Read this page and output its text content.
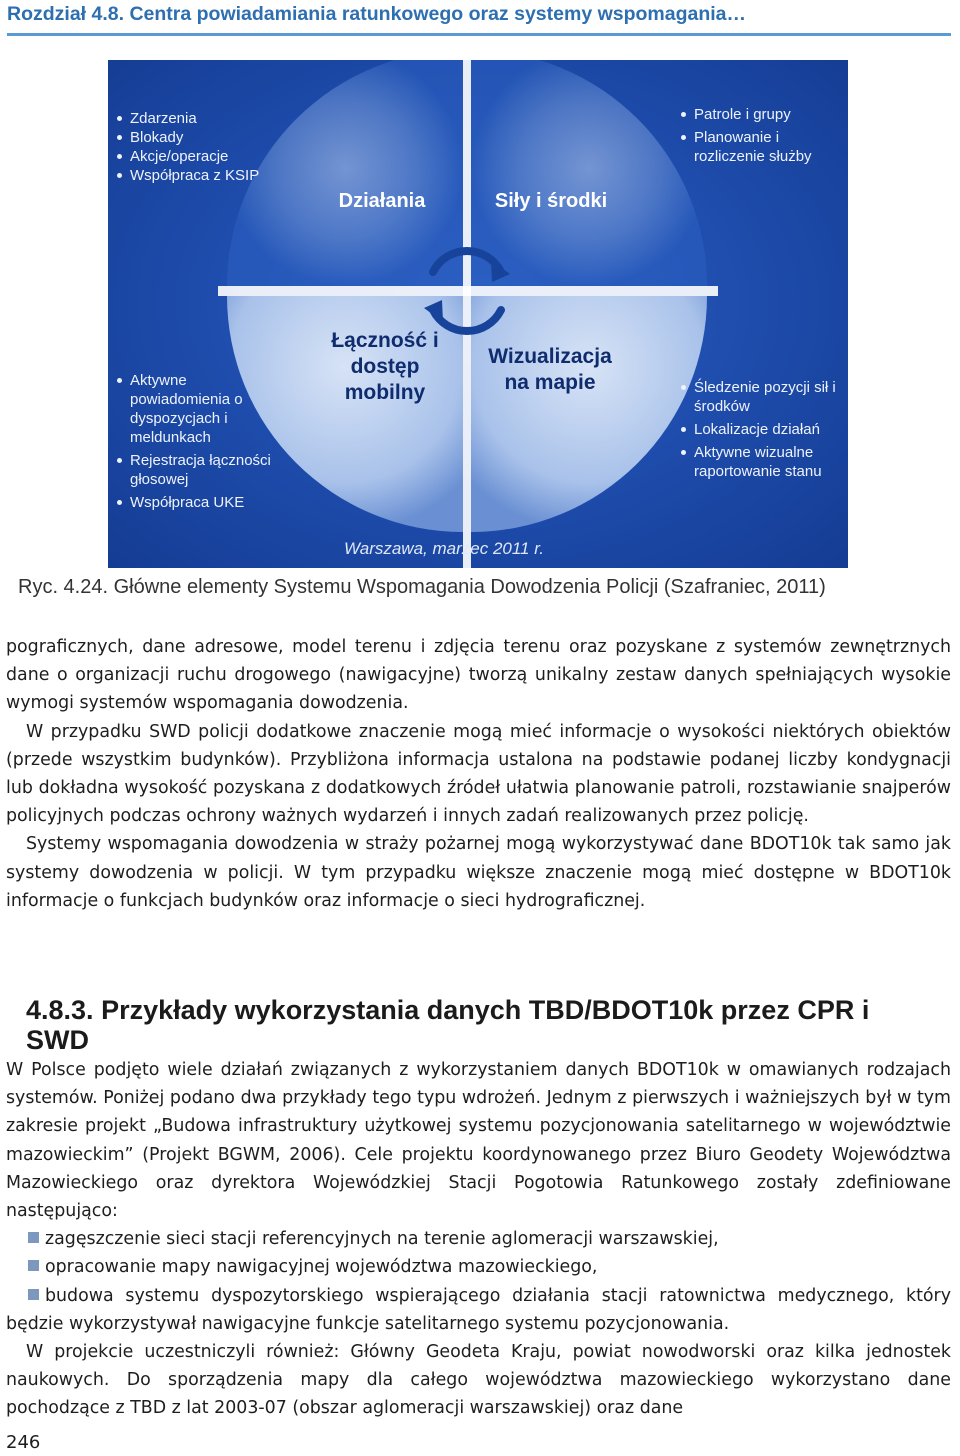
Rozdział 4.8. Centra powiadamiania ratunkowego oraz systemy wspomagania…
Zdarzenia
Blokady
Akcje/operacje
Współpraca z KSIP
Patrole i grupy
Planowanie i rozliczenie służby
Działania	Siły i środki
Łączność i
dostęp
mobilny
Wizualizacja
na mapie
Aktywne powiadomienia o dyspozycjach i meldunkach
Rejestracja łączności głosowej
Współpraca UKE
Śledzenie pozycji sił i środków
Lokalizacje działań
Aktywne wizualne raportowanie stanu
Warszawa, marzec 2011 r.
Ryc. 4.24. Główne elementy Systemu Wspomagania Dowodzenia Policji (Szafraniec, 2011)

pograficznych, dane adresowe, model terenu i zdjęcia terenu oraz pozyskane z systemów zewnętrznych dane o organizacji ruchu drogowego (nawigacyjne) tworzą unikalny zestaw danych spełniających wysokie wymogi systemów wspomagania dowodzenia.

W przypadku SWD policji dodatkowe znaczenie mogą mieć informacje o wysokości niektórych obiektów (przede wszystkim budynków). Przybliżona informacja ustalona na podstawie podanej liczby kondygnacji lub dokładna wysokość pozyskana z dodatkowych źródeł ułatwia planowanie patroli, rozstawianie snajperów policyjnych podczas ochrony ważnych wydarzeń i innych zadań realizowanych przez policję.

Systemy wspomagania dowodzenia w straży pożarnej mogą wykorzystywać dane BDOT10k tak samo jak systemy dowodzenia w policji. W tym przypadku większe znaczenie mogą mieć dostępne w BDOT10k informacje o funkcjach budynków oraz informacje o sieci hydrograficznej.

4.8.3. Przykłady wykorzystania danych TBD/BDOT10k przez CPR i SWD

W Polsce podjęto wiele działań związanych z wykorzystaniem danych BDOT10k w omawianych rodzajach systemów. Poniżej podano dwa przykłady tego typu wdrożeń. Jednym z pierwszych i ważniejszych był w tym zakresie projekt „Budowa infrastruktury użytkowej systemu pozycjonowania satelitarnego w województwie mazowieckim” (Projekt BGWM, 2006). Cele projektu koordynowanego przez Biuro Geodety Województwa Mazowieckiego oraz dyrektora Wojewódzkiej Stacji Pogotowia Ratunkowego zostały zdefiniowane następująco:

zagęszczenie sieci stacji referencyjnych na terenie aglomeracji warszawskiej,
opracowanie mapy nawigacyjnej województwa mazowieckiego,
budowa systemu dyspozytorskiego wspierającego działania stacji ratownictwa medycznego, który będzie wykorzystywał nawigacyjne funkcje satelitarnego systemu pozycjonowania.

W projekcie uczestniczyli również: Główny Geodeta Kraju, powiat nowodworski oraz kilka jednostek naukowych. Do sporządzenia mapy dla całego województwa mazowieckiego wykorzystano dane pochodzące z TBD z lat 2003-07 (obszar aglomeracji warszawskiej) oraz dane

246
